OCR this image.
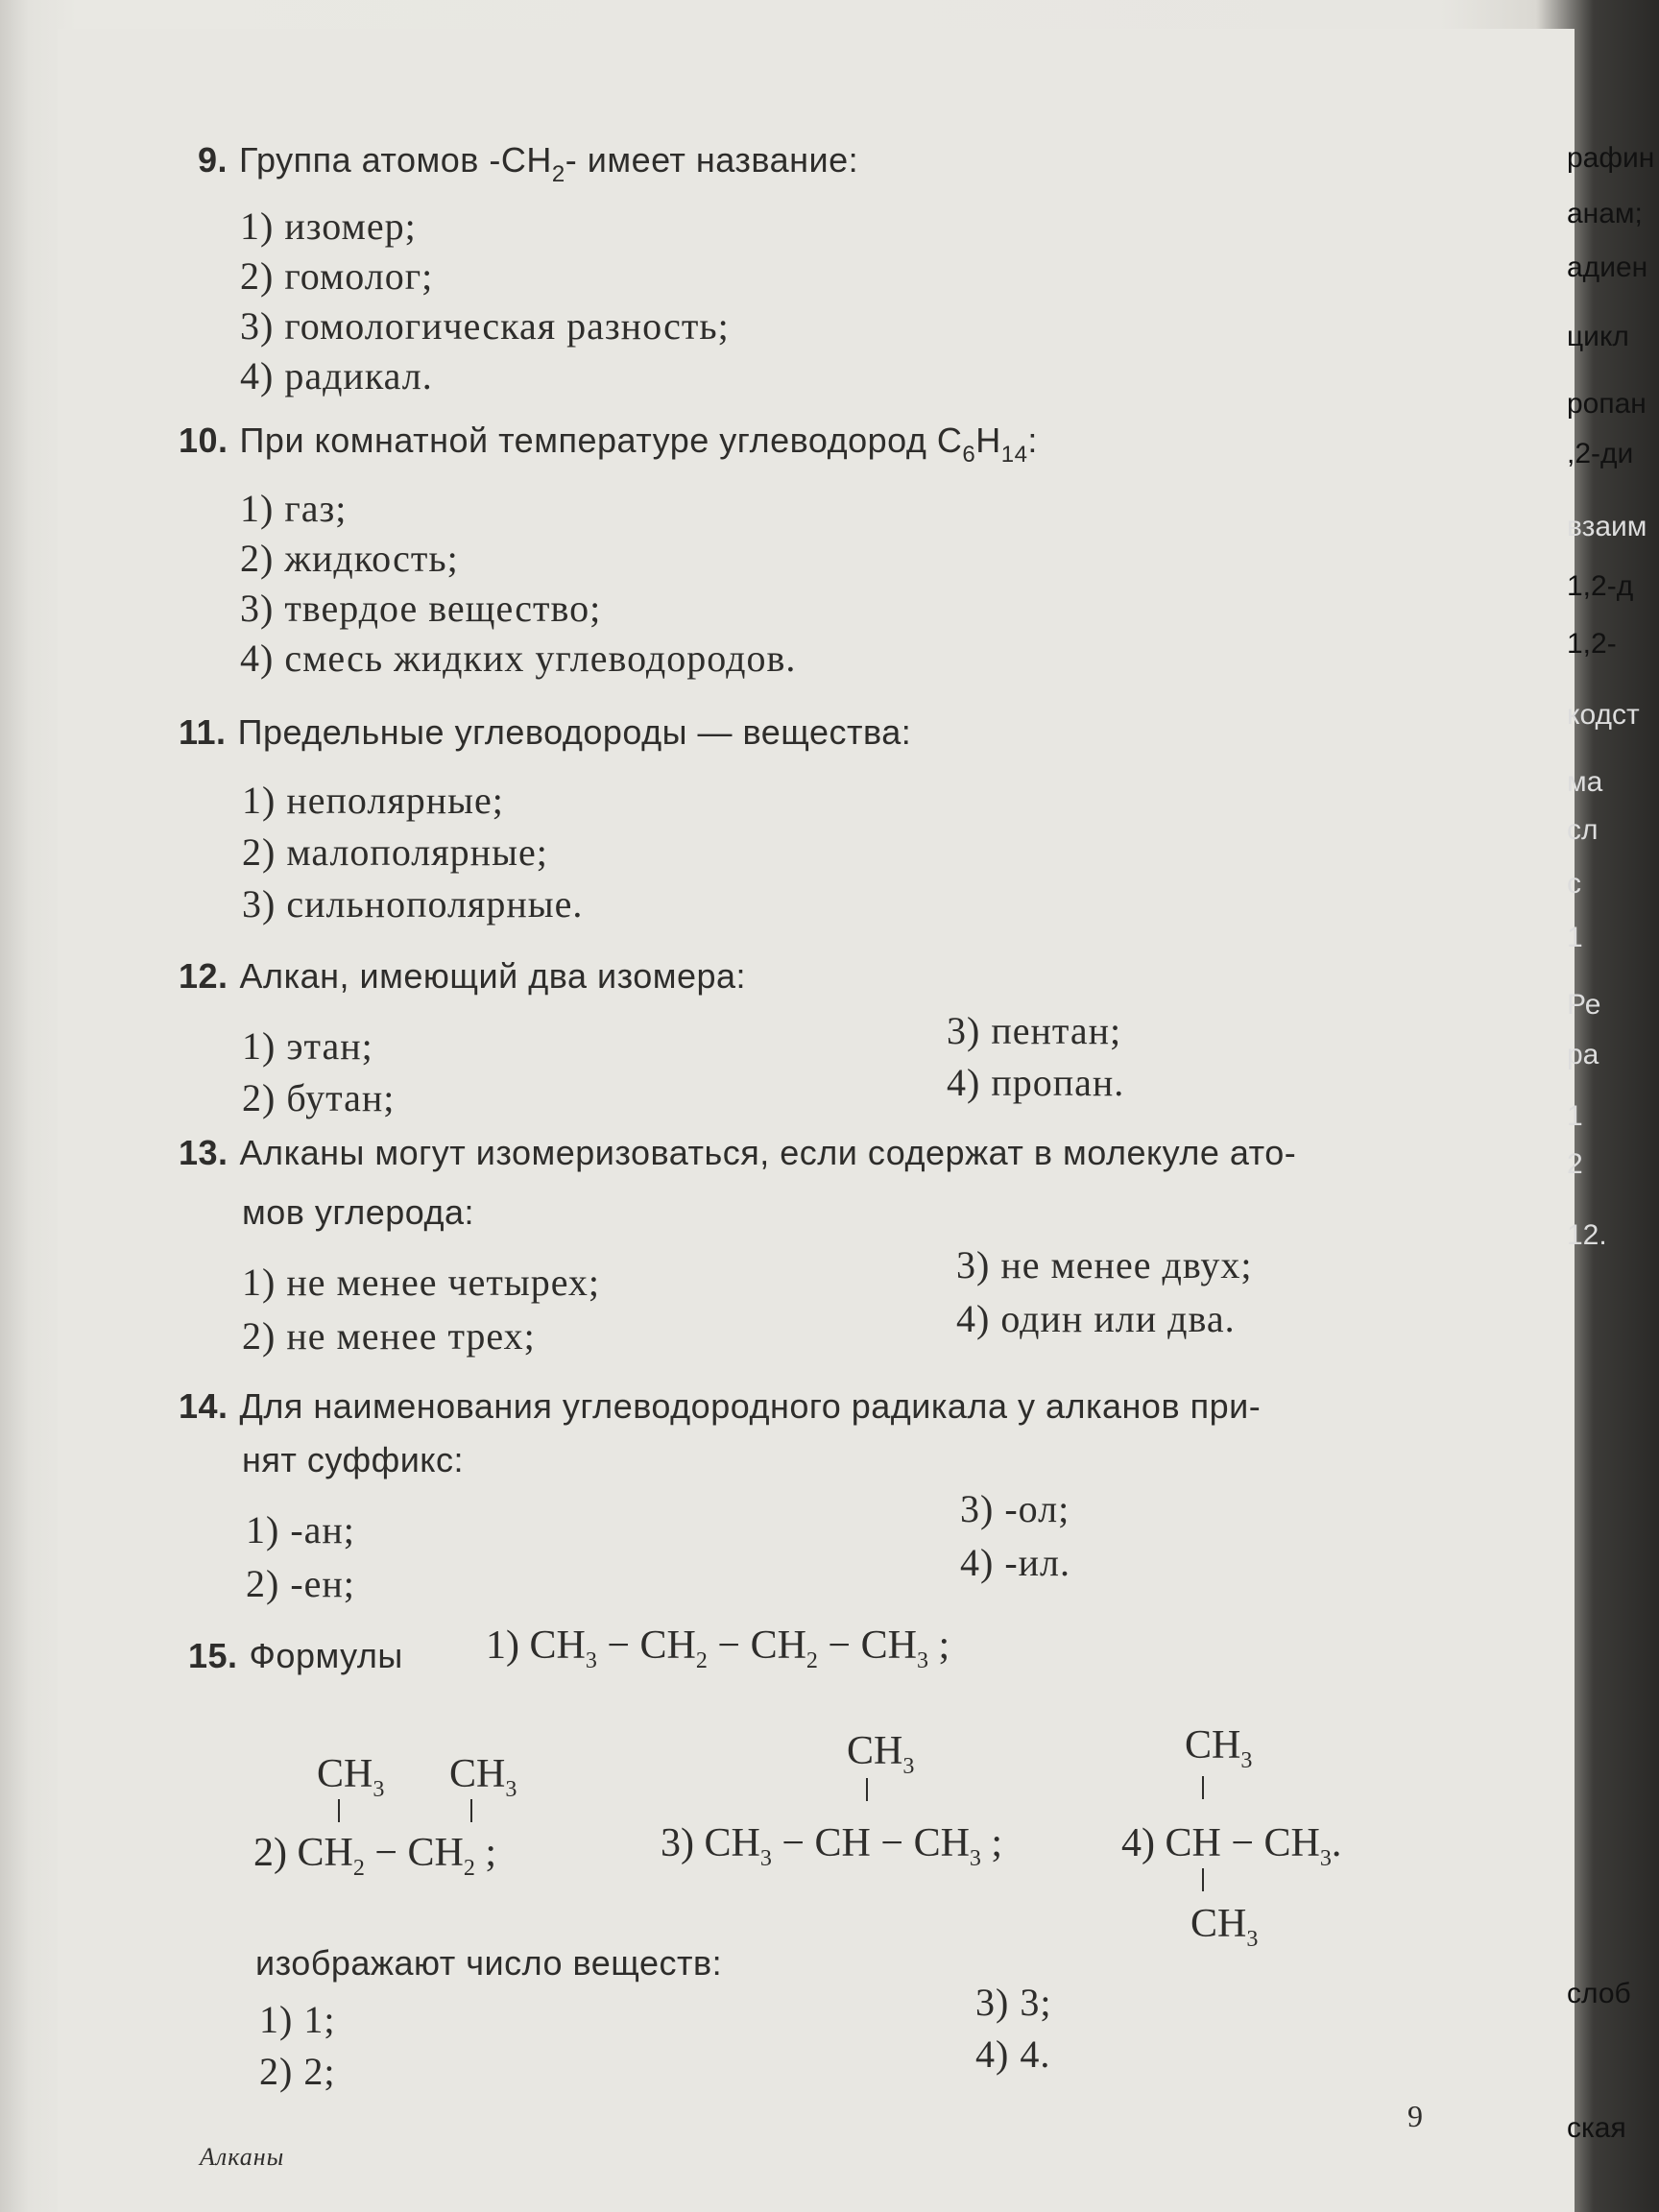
9. Группа атомов $-CH_2-$ имеет название:
1) изомер;
2) гомолог;
3) гомологическая разность;
4) радикал.
10. При комнатной температуре углеводород $C_6H_{14}$:
1) газ;
2) жидкость;
3) твердое вещество;
4) смесь жидких углеводородов.
11. Предельные углеводороды — вещества:
1) неполярные;
2) малополярные;
3) сильнополярные.
12. Алкан, имеющий два изомера:
1) этан;
2) бутан;
3) пентан;
4) пропан.
13. Алканы могут изомеризоваться, если содержат в молекуле ато-
мов углерода:
1) не менее четырех;
2) не менее трех;
3) не менее двух;
4) один или два.
14. Для наименования углеводородного радикала у алканов при-
нят суффикс:
1) -ан;
2) -ен;
3) -ол;
4) -ил.
15. Формулы 1) $CH_3 - CH_2 - CH_2 - CH_3$ ;
$CH_3$ $CH_3$
2) $CH_2 - CH_2$ ;
$CH_3$
3) $CH_3$ − CH − $CH_3$ ;
$CH_3$
4) CH − $CH_3$.
$CH_3$
изображают число веществ:
1) 1;
2) 2;
3) 3;
4) 4.
Алканы
9
рафин
анам;
адиен
цикл
ропан
,2-ди
взаим
1,2-д
1,2-
кодст
ма
сл
с
1
Ре
ра
1
2
12.
слоб
ская
